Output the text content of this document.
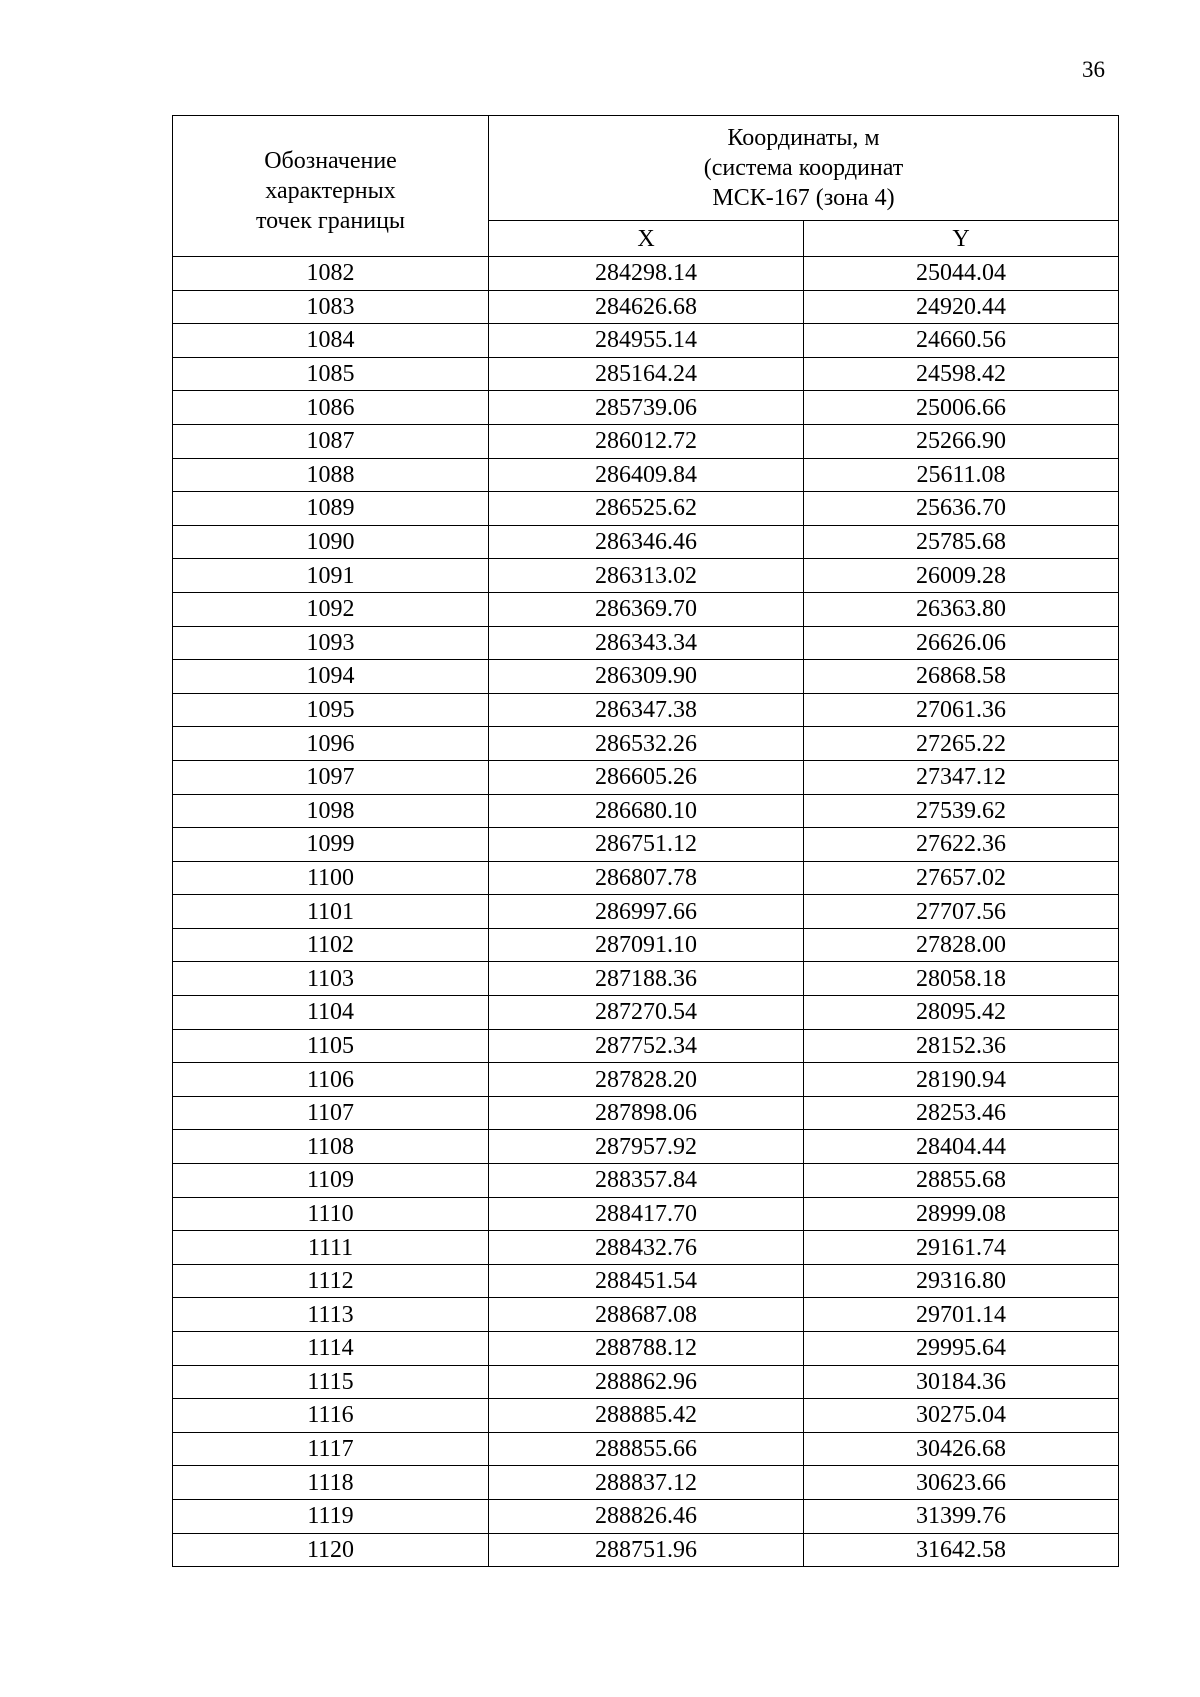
36
Обозначение
характерных
точек границы	Координаты, м
(система координат
МСК-167 (зона 4)	

	X	Y
1082	284298.14	25044.04
1083	284626.68	24920.44
1084	284955.14	24660.56
1085	285164.24	24598.42
1086	285739.06	25006.66
1087	286012.72	25266.90
1088	286409.84	25611.08
1089	286525.62	25636.70
1090	286346.46	25785.68
1091	286313.02	26009.28
1092	286369.70	26363.80
1093	286343.34	26626.06
1094	286309.90	26868.58
1095	286347.38	27061.36
1096	286532.26	27265.22
1097	286605.26	27347.12
1098	286680.10	27539.62
1099	286751.12	27622.36
1100	286807.78	27657.02
1101	286997.66	27707.56
1102	287091.10	27828.00
1103	287188.36	28058.18
1104	287270.54	28095.42
1105	287752.34	28152.36
1106	287828.20	28190.94
1107	287898.06	28253.46
1108	287957.92	28404.44
1109	288357.84	28855.68
1110	288417.70	28999.08
1111	288432.76	29161.74
1112	288451.54	29316.80
1113	288687.08	29701.14
1114	288788.12	29995.64
1115	288862.96	30184.36
1116	288885.42	30275.04
1117	288855.66	30426.68
1118	288837.12	30623.66
1119	288826.46	31399.76
1120	288751.96	31642.58
